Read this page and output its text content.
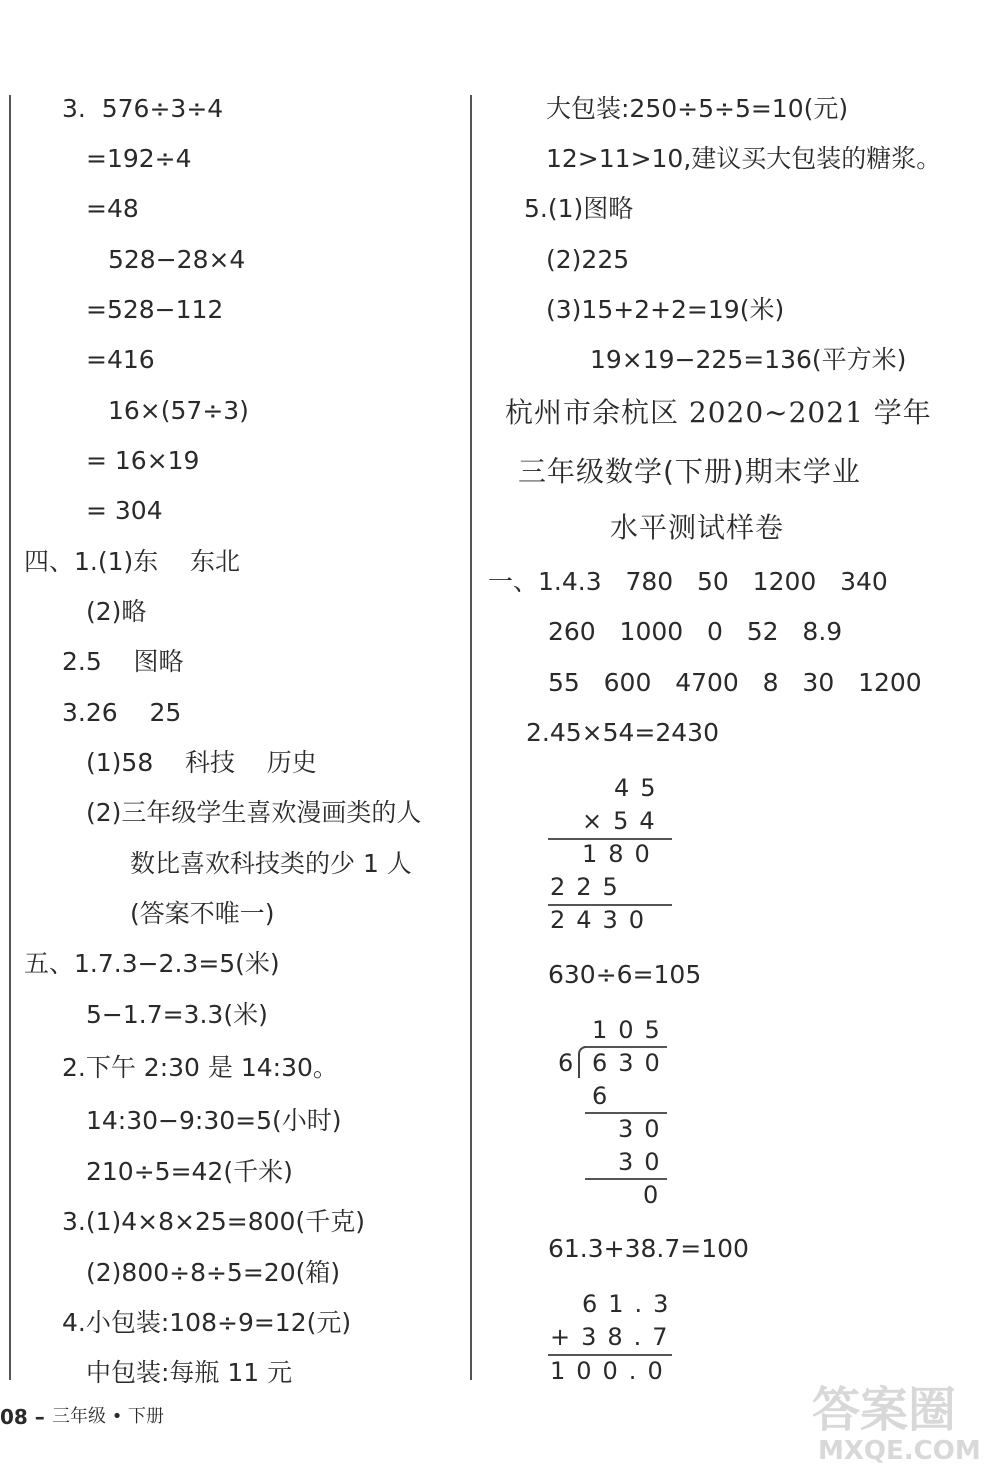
3.  576÷3÷4
=192÷4
=48
528−28×4
=528−112
=416
16×(57÷3)
= 16×19
= 304
四、1.(1)东    东北
(2)略
2.5    图略
3.26    25
(1)58    科技    历史
(2)三年级学生喜欢漫画类的人
数比喜欢科技类的少 1 人
(答案不唯一)
五、1.7.3−2.3=5(米)
5−1.7=3.3(米)
2.下午 2:30 是 14:30。
14:30−9:30=5(小时)
210÷5=42(千米)
3.(1)4×8×25=800(千克)
(2)800÷8÷5=20(箱)
4.小包装:108÷9=12(元)
中包装:每瓶 11 元
大包装:250÷5÷5=10(元)
12>11>10,建议买大包装的糖浆。
5.(1)图略
(2)225
(3)15+2+2=19(米)
19×19−225=136(平方米)
杭州市余杭区 2020~2021 学年
三年级数学(下册)期末学业
水平测试样卷
一、1.4.3   780   50   1200   340
260   1000   0   52   8.9
55   600   4700   8   30   1200
2.45×54=2430
45
×54
180
225
2430
630÷6=105
105
6 630
6
30
30
0
61.3+38.7=100
61.3
+38.7
100.0
08 – 三年级 • 下册	答案圈
MXQE.COM
